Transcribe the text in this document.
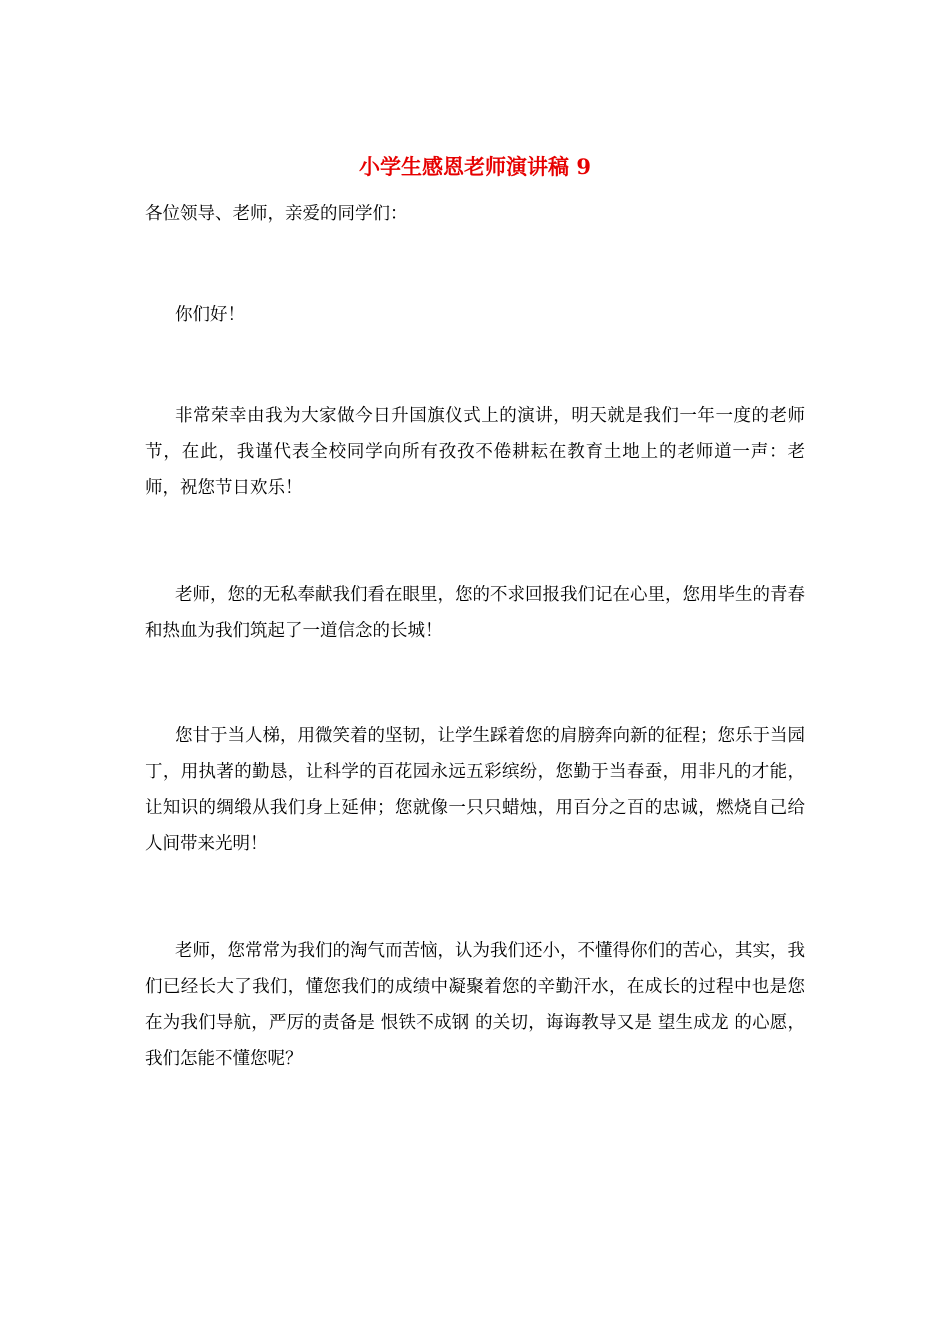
小学生感恩老师演讲稿 9

各位领导、老师，亲爱的同学们：

你们好！

非常荣幸由我为大家做今日升国旗仪式上的演讲，明天就是我们一年一度的老师节，在此，我谨代表全校同学向所有孜孜不倦耕耘在教育土地上的老师道一声：老师，祝您节日欢乐！

老师，您的无私奉献我们看在眼里，您的不求回报我们记在心里，您用毕生的青春和热血为我们筑起了一道信念的长城！

您甘于当人梯，用微笑着的坚韧，让学生踩着您的肩膀奔向新的征程；您乐于当园丁，用执著的勤恳，让科学的百花园永远五彩缤纷，您勤于当春蚕，用非凡的才能，让知识的绸缎从我们身上延伸；您就像一只只蜡烛，用百分之百的忠诚，燃烧自己给人间带来光明！

老师，您常常为我们的淘气而苦恼，认为我们还小，不懂得你们的苦心，其实，我们已经长大了我们，懂您我们的成绩中凝聚着您的辛勤汗水，在成长的过程中也是您在为我们导航，严厉的责备是 恨铁不成钢 的关切，诲诲教导又是 望生成龙 的心愿，我们怎能不懂您呢？
